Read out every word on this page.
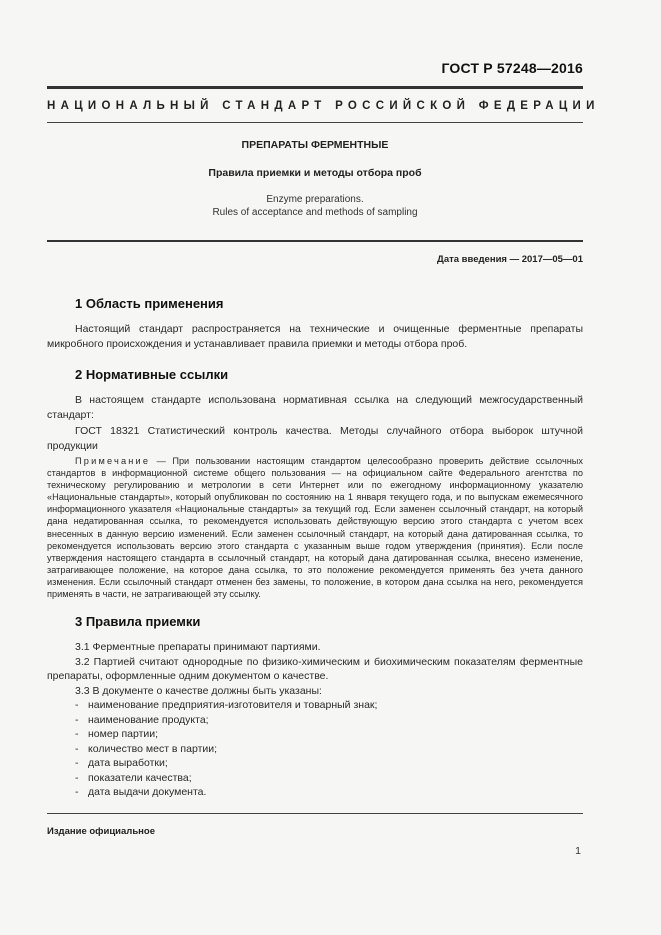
ГОСТ Р 57248—2016
НАЦИОНАЛЬНЫЙ СТАНДАРТ РОССИЙСКОЙ ФЕДЕРАЦИИ
ПРЕПАРАТЫ ФЕРМЕНТНЫЕ
Правила приемки и методы отбора проб
Enzyme preparations.
Rules of acceptance and methods of sampling
Дата введения — 2017—05—01
1 Область применения

Настоящий стандарт распространяется на технические и очищенные ферментные препараты микробного происхождения и устанавливает правила приемки и методы отбора проб.

2 Нормативные ссылки

В настоящем стандарте использована нормативная ссылка на следующий межгосударственный стандарт:

ГОСТ 18321 Статистический контроль качества. Методы случайного отбора выборок штучной продукции

Примечание — При пользовании настоящим стандартом целесообразно проверить действие ссылочных стандартов в информационной системе общего пользования — на официальном сайте Федерального агентства по техническому регулированию и метрологии в сети Интернет или по ежегодному информационному указателю «Национальные стандарты», который опубликован по состоянию на 1 января текущего года, и по выпускам ежемесячного информационного указателя «Национальные стандарты» за текущий год. Если заменен ссылочный стандарт, на который дана недатированная ссылка, то рекомендуется использовать действующую версию этого стандарта с учетом всех внесенных в данную версию изменений. Если заменен ссылочный стандарт, на который дана датированная ссылка, то рекомендуется использовать версию этого стандарта с указанным выше годом утверждения (принятия). Если после утверждения настоящего стандарта в ссылочный стандарт, на который дана датированная ссылка, внесено изменение, затрагивающее положение, на которое дана ссылка, то это положение рекомендуется применять без учета данного изменения. Если ссылочный стандарт отменен без замены, то положение, в котором дана ссылка на него, рекомендуется применять в части, не затрагивающей эту ссылку.

3 Правила приемки

3.1 Ферментные препараты принимают партиями.

3.2 Партией считают однородные по физико-химическим и биохимическим показателям ферментные препараты, оформленные одним документом о качестве.

3.3 В документе о качестве должны быть указаны:

- наименование предприятия-изготовителя и товарный знак;
- наименование продукта;
- номер партии;
- количество мест в партии;
- дата выработки;
- показатели качества;
- дата выдачи документа.
Издание официальное
1
